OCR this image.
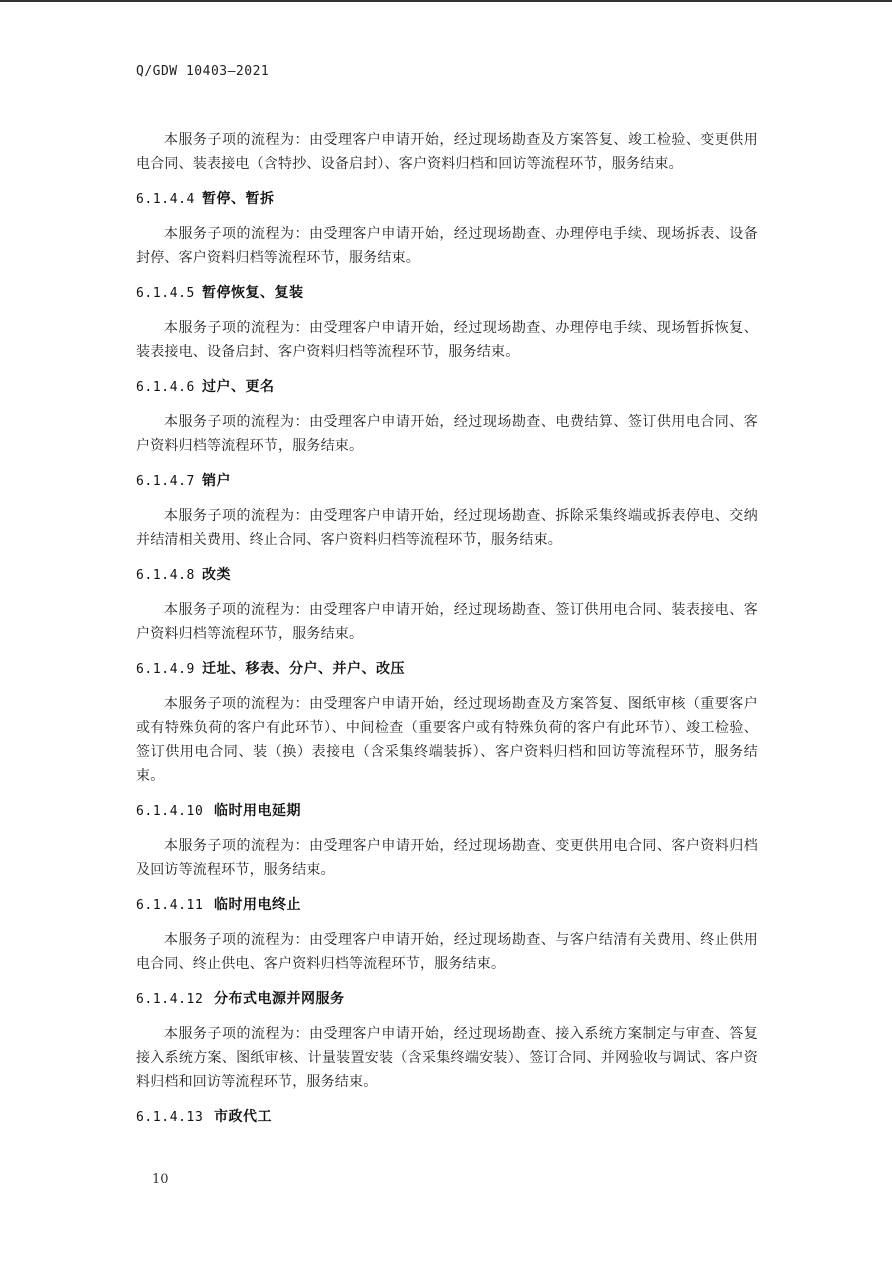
Q/GDW 10403—2021

本服务子项的流程为：由受理客户申请开始，经过现场勘查及方案答复、竣工检验、变更供用电合同、装表接电（含特抄、设备启封）、客户资料归档和回访等流程环节，服务结束。

6.1.4.4 暂停、暂拆

本服务子项的流程为：由受理客户申请开始，经过现场勘查、办理停电手续、现场拆表、设备封停、客户资料归档等流程环节，服务结束。

6.1.4.5 暂停恢复、复装

本服务子项的流程为：由受理客户申请开始，经过现场勘查、办理停电手续、现场暂拆恢复、装表接电、设备启封、客户资料归档等流程环节，服务结束。

6.1.4.6 过户、更名

本服务子项的流程为：由受理客户申请开始，经过现场勘查、电费结算、签订供用电合同、客户资料归档等流程环节，服务结束。

6.1.4.7 销户

本服务子项的流程为：由受理客户申请开始，经过现场勘查、拆除采集终端或拆表停电、交纳并结清相关费用、终止合同、客户资料归档等流程环节，服务结束。

6.1.4.8 改类

本服务子项的流程为：由受理客户申请开始，经过现场勘查、签订供用电合同、装表接电、客户资料归档等流程环节，服务结束。

6.1.4.9 迁址、移表、分户、并户、改压

本服务子项的流程为：由受理客户申请开始，经过现场勘查及方案答复、图纸审核（重要客户或有特殊负荷的客户有此环节）、中间检查（重要客户或有特殊负荷的客户有此环节）、竣工检验、签订供用电合同、装（换）表接电（含采集终端装拆）、客户资料归档和回访等流程环节，服务结束。

6.1.4.10 临时用电延期

本服务子项的流程为：由受理客户申请开始，经过现场勘查、变更供用电合同、客户资料归档及回访等流程环节，服务结束。

6.1.4.11 临时用电终止

本服务子项的流程为：由受理客户申请开始，经过现场勘查、与客户结清有关费用、终止供用电合同、终止供电、客户资料归档等流程环节，服务结束。

6.1.4.12 分布式电源并网服务

本服务子项的流程为：由受理客户申请开始，经过现场勘查、接入系统方案制定与审查、答复接入系统方案、图纸审核、计量装置安装（含采集终端安装）、签订合同、并网验收与调试、客户资料归档和回访等流程环节，服务结束。

6.1.4.13 市政代工
10
